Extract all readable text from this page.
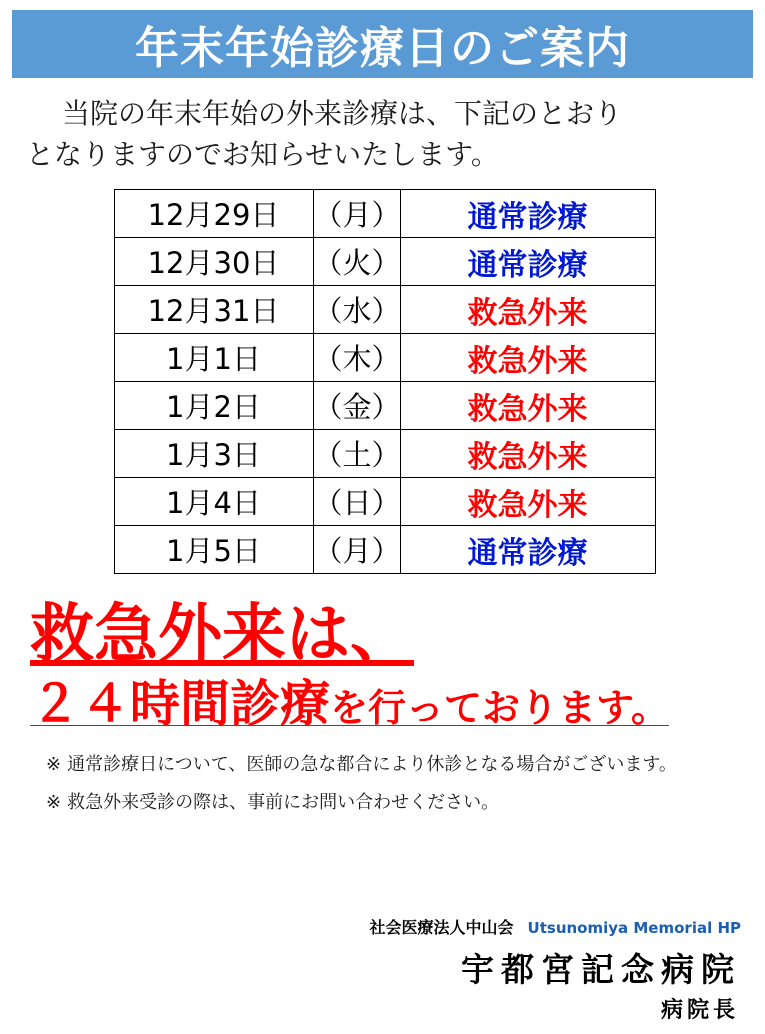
年末年始診療日のご案内
当院の年末年始の外来診療は、下記のとおり
となりますのでお知らせいたします。
12月29日	（月）	通常診療
12月30日	（火）	通常診療
12月31日	（水）	救急外来
1月1日	（木）	救急外来
1月2日	（金）	救急外来
1月3日	（土）	救急外来
1月4日	（日）	救急外来
1月5日	（月）	通常診療
救急外来は、
２４時間診療を行っております。
※ 通常診療日について、医師の急な都合により休診となる場合がございます。
※ 救急外来受診の際は、事前にお問い合わせください。
社会医療法人中山会 Utsunomiya Memorial HP
宇都宮記念病院
病院長
